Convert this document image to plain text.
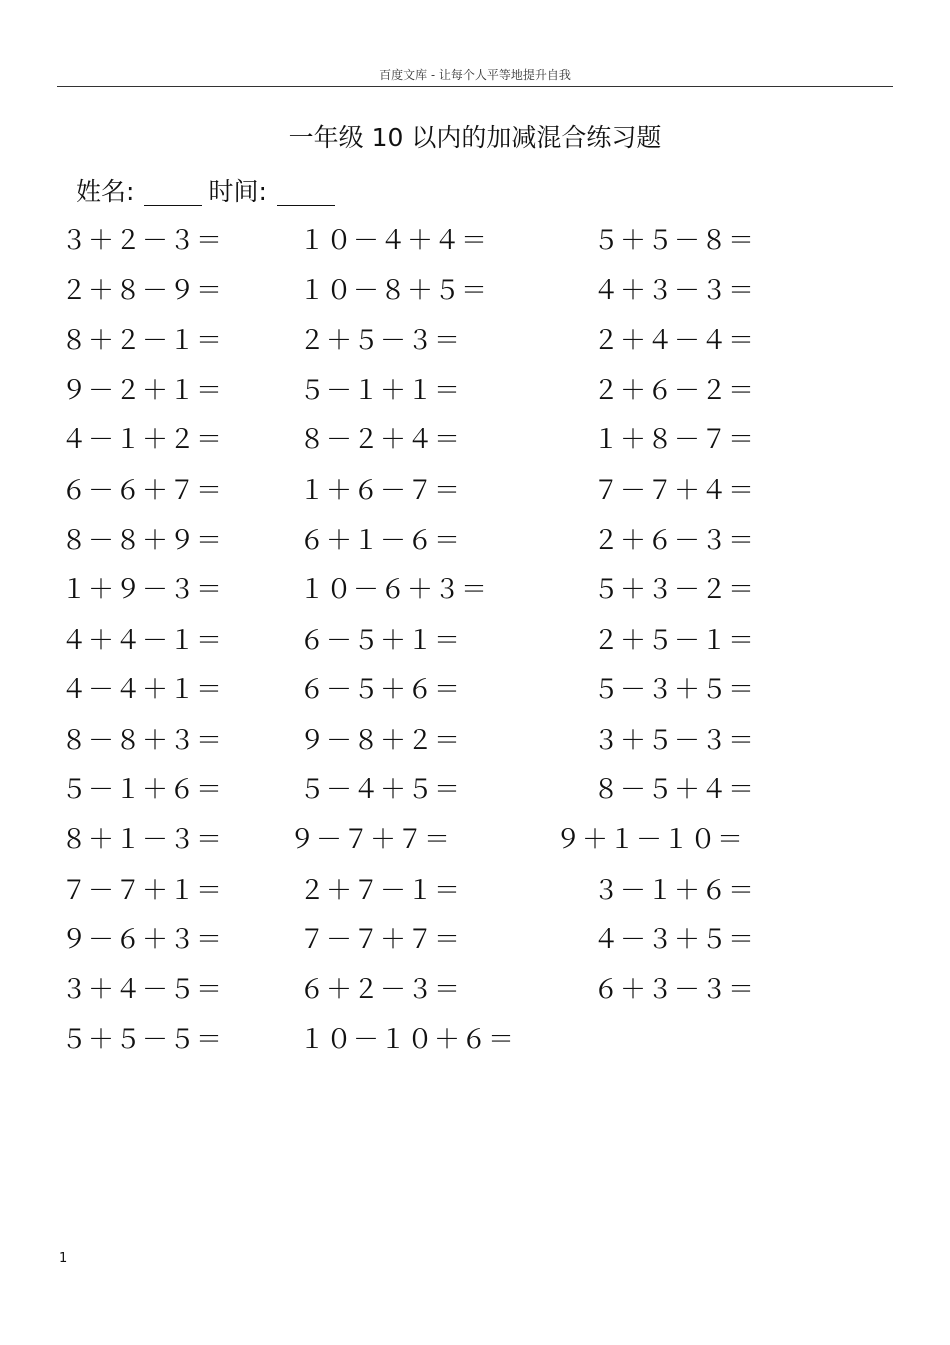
百度文库 - 让每个人平等地提升自我
一年级 10 以内的加减混合练习题
姓名:	时间:
３＋２－３＝	１０－４＋４＝	５＋５－８＝
２＋８－９＝	１０－８＋５＝	４＋３－３＝
８＋２－１＝	２＋５－３＝	２＋４－４＝
９－２＋１＝	５－１＋１＝	２＋６－２＝
４－１＋２＝	８－２＋４＝	１＋８－７＝
６－６＋７＝	１＋６－７＝	７－７＋４＝
８－８＋９＝	６＋１－６＝	２＋６－３＝
１＋９－３＝	１０－６＋３＝	５＋３－２＝
４＋４－１＝	６－５＋１＝	２＋５－１＝
４－４＋１＝	６－５＋６＝	５－３＋５＝
８－８＋３＝	９－８＋２＝	３＋５－３＝
５－１＋６＝	５－４＋５＝	８－５＋４＝
８＋１－３＝	９－７＋７＝	９＋１－１０＝
７－７＋１＝	２＋７－１＝	３－１＋６＝
９－６＋３＝	７－７＋７＝	４－３＋５＝
３＋４－５＝	６＋２－３＝	６＋３－３＝
５＋５－５＝	１０－１０＋６＝
1
